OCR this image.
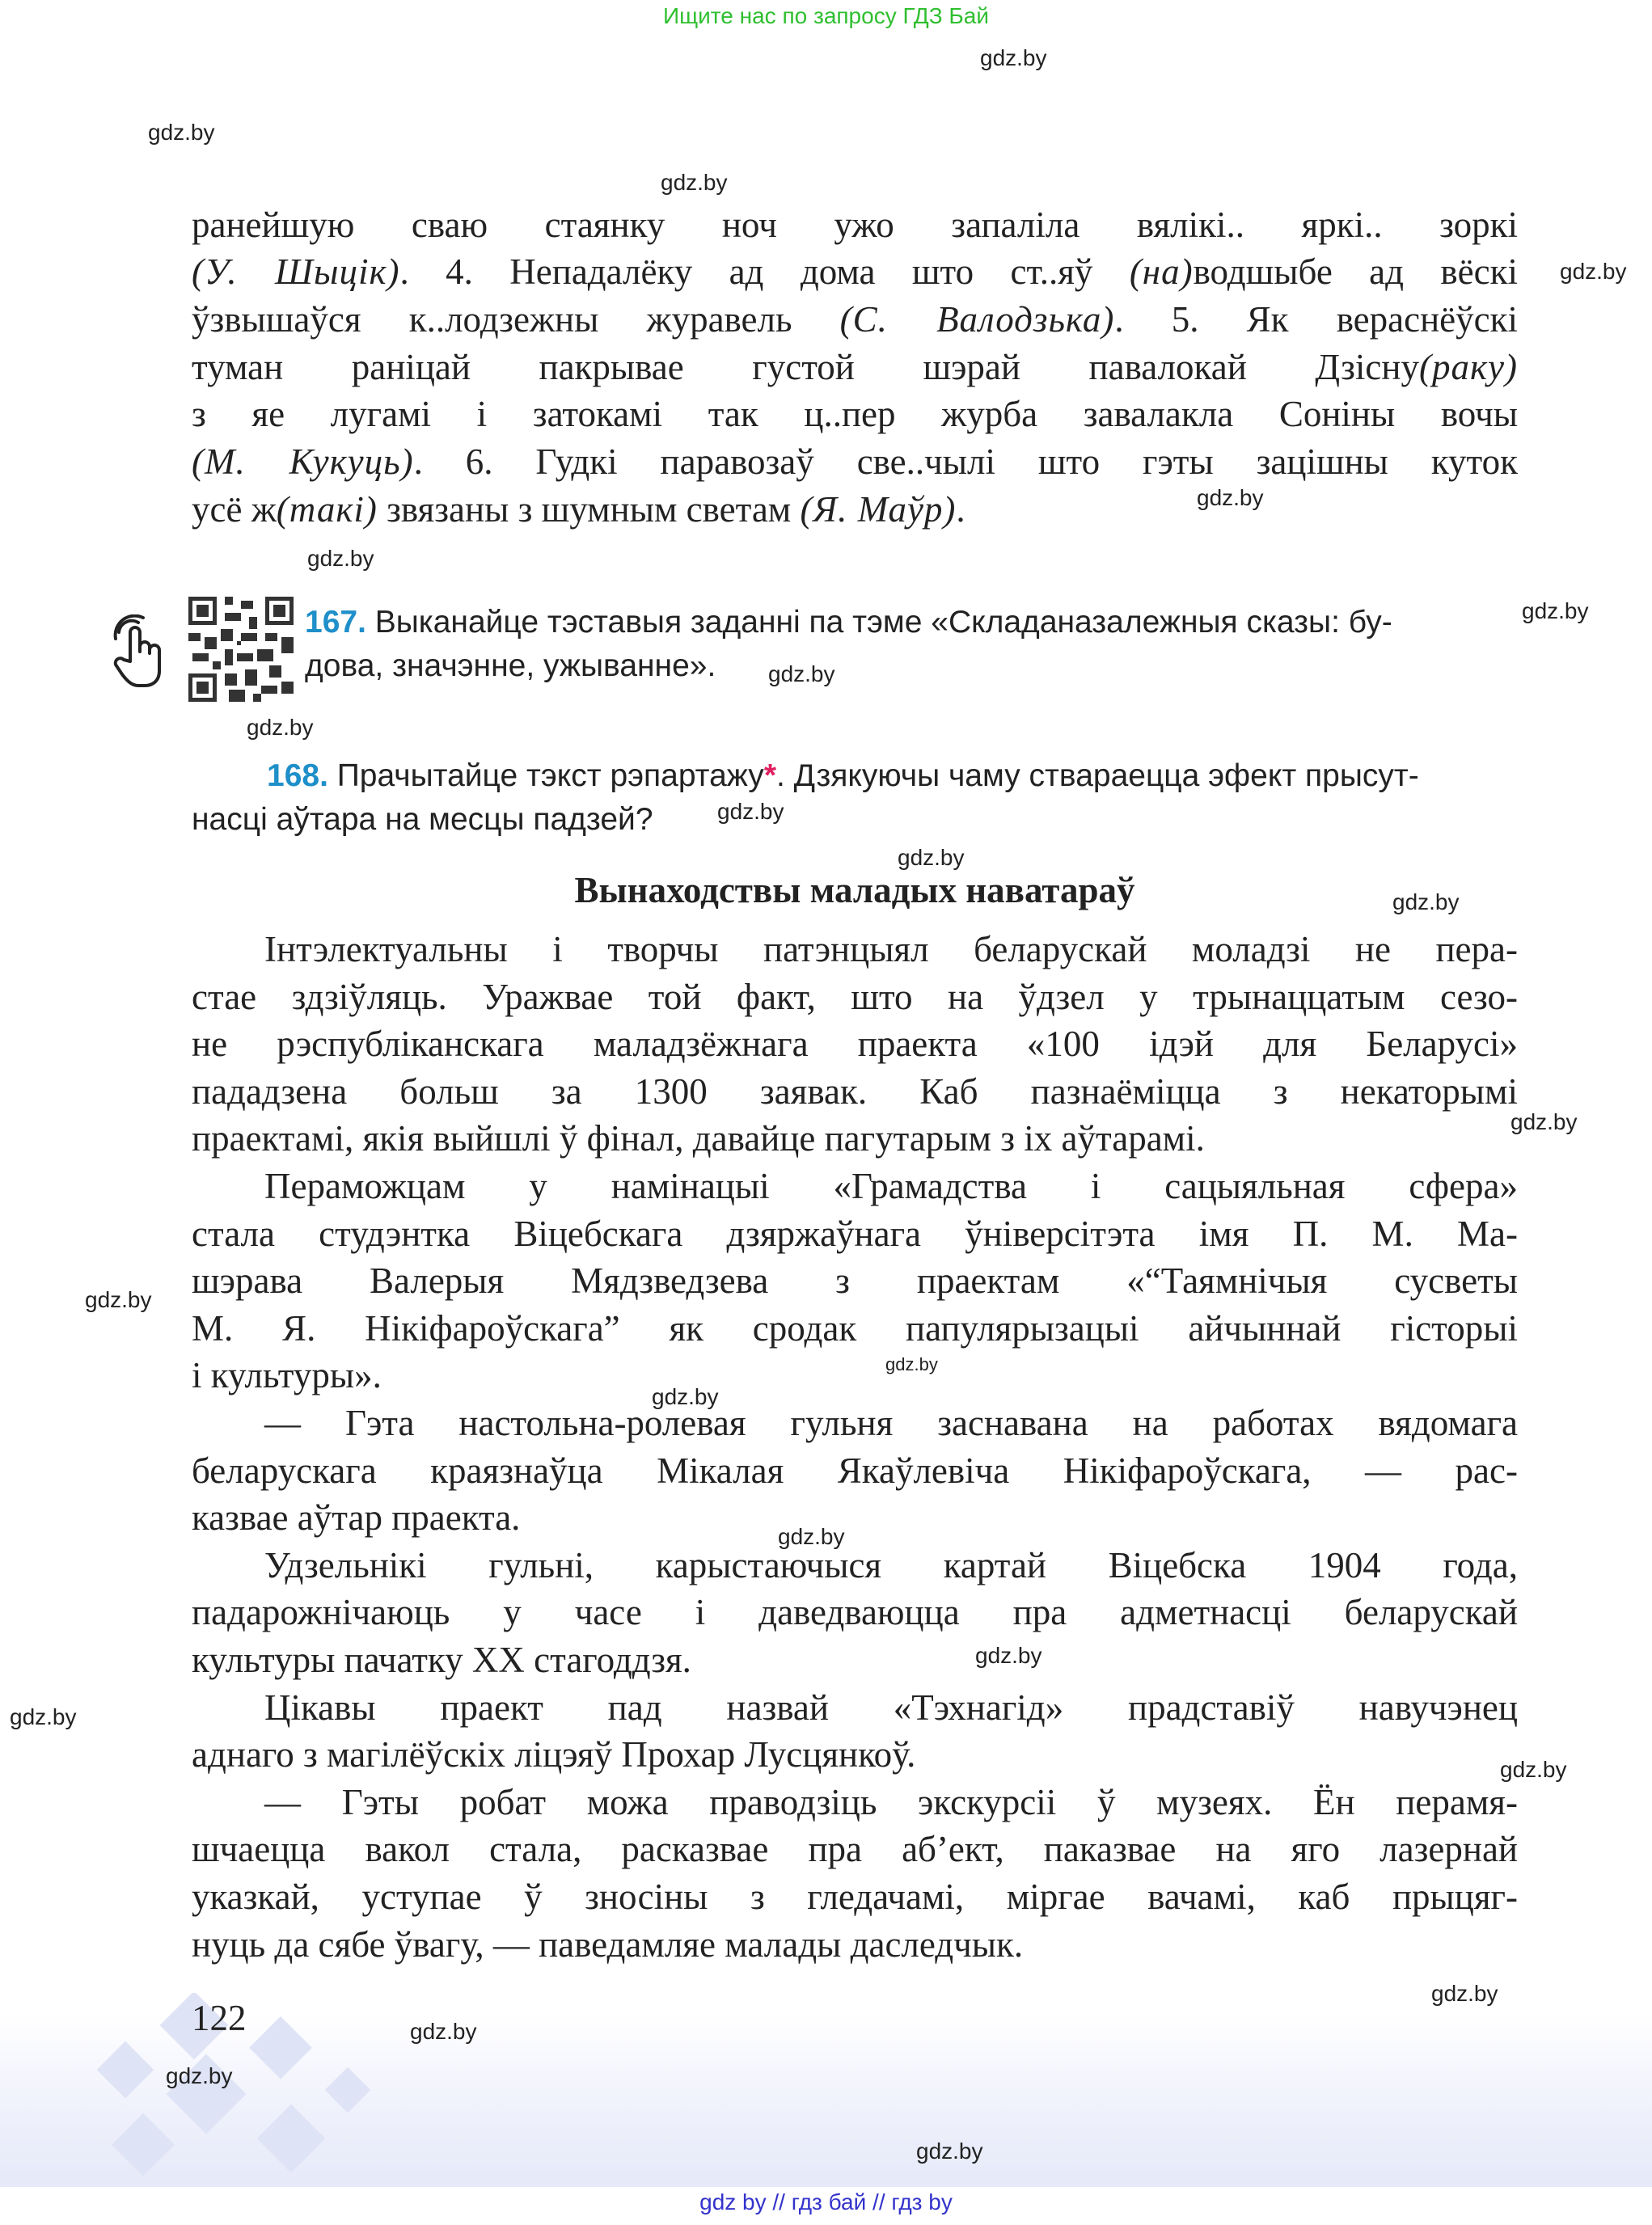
Ищите нас по запросу ГДЗ Бай
gdz.by
gdz.by
gdz.by
gdz.by
gdz.by
gdz.by
gdz.by
gdz.by
gdz.by
gdz.by
gdz.by
gdz.by
gdz.by
gdz.by
gdz.by
gdz.by
gdz.by
gdz.by
gdz.by
gdz.by
gdz.by
gdz.by
gdz.by
gdz.by
ранейшую сваю стаянку ноч ужо запаліла вялікі.. яркі.. зоркі
(У. Шыцік). 4. Непадалёку ад дома што ст..яў (на)водшыбе ад вёскі
ўзвышаўся к..лодзежны журавель (С. Валодзька). 5. Як вераснёўскі
туман раніцай пакрывае густой шэрай павалокай Дзісну(раку)
з яе лугамі і затокамі так ц..пер журба завалакла Соніны вочы
(М. Кукуць). 6. Гудкі паравозаў све..чылі што гэты зацішны куток
усё ж(такі) звязаны з шумным светам (Я. Маўр).
167. Выканайце тэставыя заданні па тэме «Складаназалежныя сказы: бу-
дова, значэнне, ужыванне».
168. Прачытайце тэкст рэпартажу*. Дзякуючы чаму ствараецца эфект прысут-
насці аўтара на месцы падзей?
Вынаходствы маладых наватараў
Інтэлектуальны і творчы патэнцыял беларускай моладзі не пера-
стае здзіўляць. Уражвае той факт, што на ўдзел у трынаццатым сезо-
не рэспубліканскага маладзёжнага праекта «100 ідэй для Беларусі»
пададзена больш за 1300 заявак. Каб пазнаёміцца з некаторымі
праектамі, якія выйшлі ў фінал, давайце пагутарым з іх аўтарамі.
Пераможцам у намінацыі «Грамадства і сацыяльная сфера»
стала студэнтка Віцебскага дзяржаўнага ўніверсітэта імя П. М. Ма-
шэрава Валерыя Мядзведзева з праектам «“Таямнічыя сусветы
М. Я. Нікіфароўскага” як сродак папулярызацыі айчыннай гісторыі
і культуры».
— Гэта настольна-ролевая гульня заснавана на работах вядомага
беларускага краязнаўца Мікалая Якаўлевіча Нікіфароўскага, — рас-
казвае аўтар праекта.
Удзельнікі гульні, карыстаючыся картай Віцебска 1904 года,
падарожнічаюць у часе і даведваюцца пра адметнасці беларускай
культуры пачатку XX стагоддзя.
Цікавы праект пад назвай «Тэхнагід» прадставіў навучэнец
аднаго з магілёўскіх ліцэяў Прохар Лусцянкоў.
— Гэты робат можа праводзіць экскурсіі ў музеях. Ён перамя-
шчаецца вакол стала, расказвае пра аб’ект, паказвае на яго лазернай
указкай, уступае ў зносіны з гледачамі, міргае вачамі, каб прыцяг-
нуць да сябе ўвагу, — паведамляе малады даследчык.
122
gdz by // гдз бай // гдз by
